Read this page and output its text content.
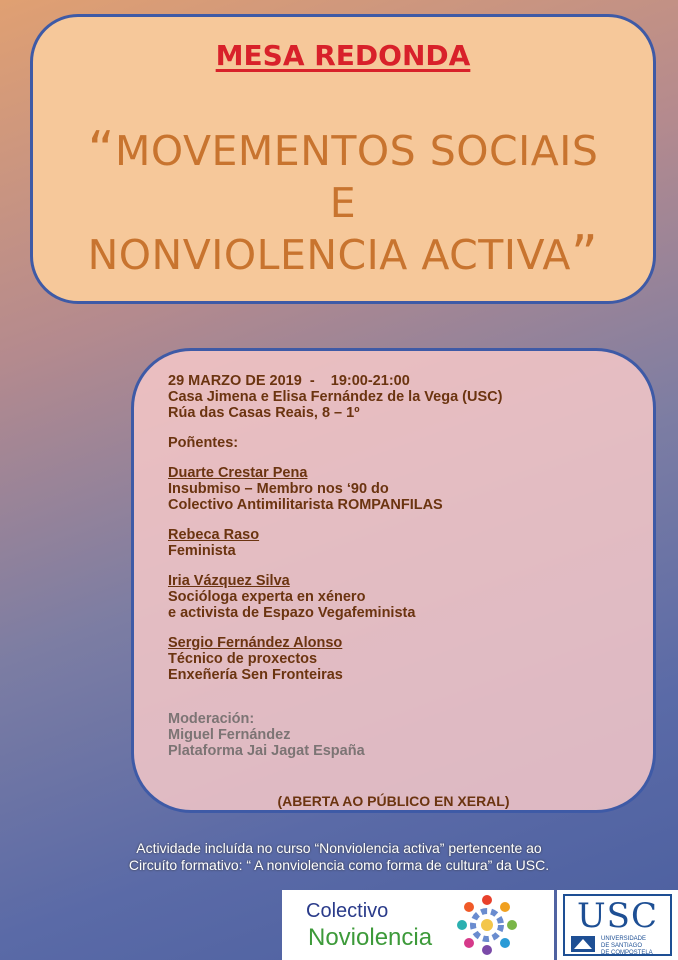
MESA REDONDA
“MOVEMENTOS SOCIAIS
E
NONVIOLENCIA ACTIVA”
29 MARZO DE 2019  -    19:00-21:00
Casa Jimena e Elisa Fernández de la Vega (USC)
Rúa das Casas Reais, 8 – 1º
Poñentes:
Duarte Crestar Pena
Insubmiso – Membro nos ‘90 do
Colectivo Antimilitarista ROMPANFILAS
Rebeca Raso
Feminista
Iria Vázquez Silva
Socióloga experta en xénero
e activista de Espazo Vegafeminista
Sergio Fernández Alonso
Técnico de proxectos
Enxeñería Sen Fronteiras
Moderación:
Miguel Fernández
Plataforma Jai Jagat España
(ABERTA AO PÚBLICO EN XERAL)
Actividade incluída no curso “Nonviolencia activa” pertencente ao
Circuíto formativo: “ A nonviolencia como forma de cultura” da USC.
Colectivo
Noviolencia
USC
UNIVERSIDADE
DE SANTIAGO
DE COMPOSTELA
